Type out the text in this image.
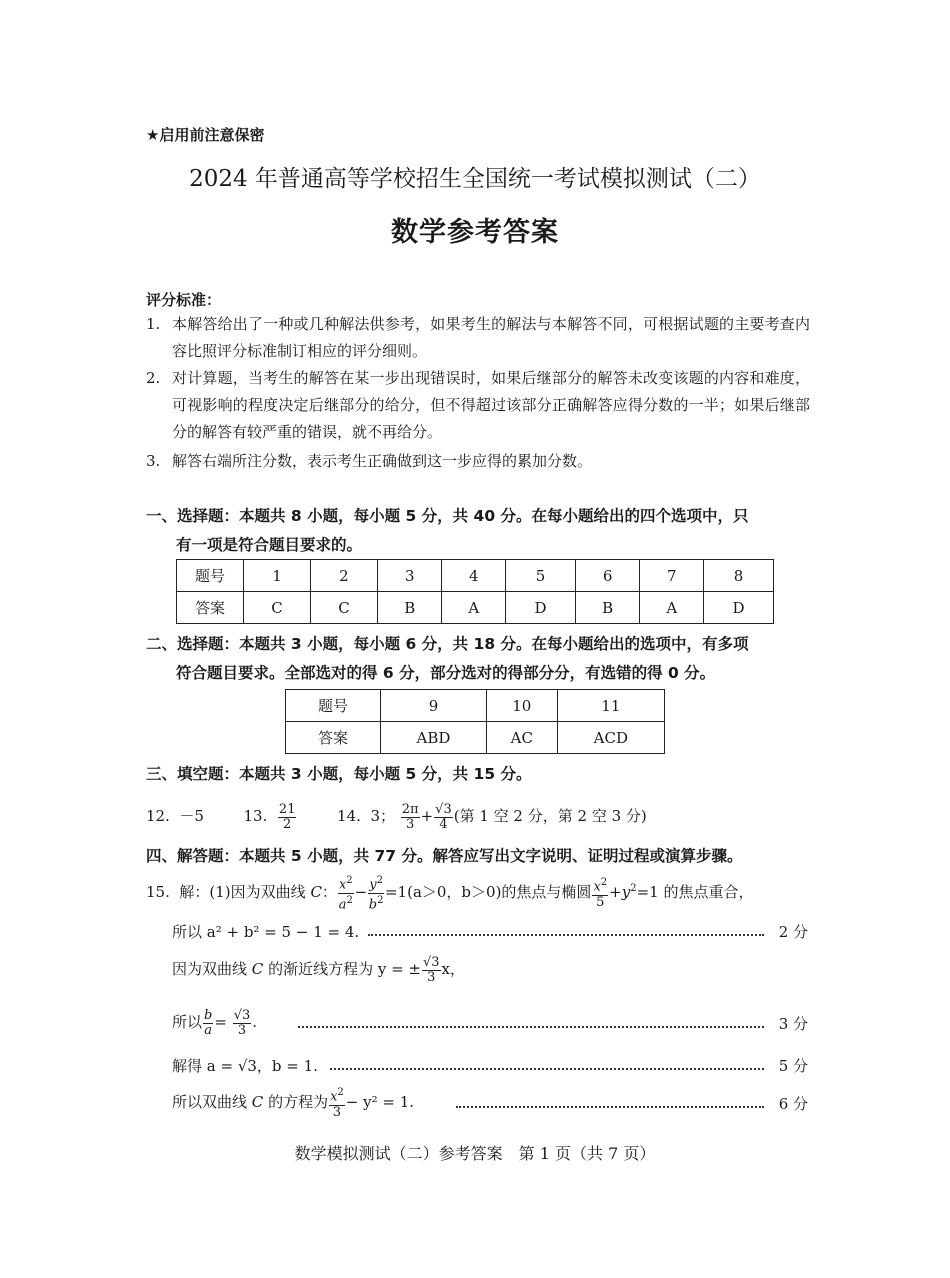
★启用前注意保密
2024 年普通高等学校招生全国统一考试模拟测试（二）
数学参考答案
评分标准：
1. 本解答给出了一种或几种解法供参考，如果考生的解法与本解答不同，可根据试题的主要考查内容比照评分标准制订相应的评分细则。
2. 对计算题，当考生的解答在某一步出现错误时，如果后继部分的解答未改变该题的内容和难度，可视影响的程度决定后继部分的给分，但不得超过该部分正确解答应得分数的一半；如果后继部分的解答有较严重的错误，就不再给分。
3. 解答右端所注分数，表示考生正确做到这一步应得的累加分数。
一、选择题：本题共 8 小题，每小题 5 分，共 40 分。在每小题给出的四个选项中，只
有一项是符合题目要求的。
题号	1	2	3	4	5	6	7	8
答案	C	C	B	A	D	B	A	D
二、选择题：本题共 3 小题，每小题 6 分，共 18 分。在每小题给出的选项中，有多项
符合题目要求。全部选对的得 6 分，部分选对的得部分分，有选错的得 0 分。
题号	9	10	11
答案	ABD	AC	ACD
三、填空题：本题共 3 小题，每小题 5 分，共 15 分。
12. －5	13. $\frac{21}{2}$	14. 3； $\frac{2\pi}{3} + \frac{√3}{4}$ (第 1 空 2 分，第 2 空 3 分)
四、解答题：本题共 5 小题，共 77 分。解答应写出文字说明、证明过程或演算步骤。
15. 解：(1)因为双曲线 C： $\frac{x^2}{a^2} - \frac{y^2}{b^2} =1(a>0$，b＞0)的焦点与椭圆 $\frac{x^2}{5} +y^2=1$ 的焦点重合，
所以 a² + b² = 5 − 1 = 4.	2 分
因为双曲线 C 的渐近线方程为 y = ± $\frac{√3}{3}$ x，
所以 $\frac{b}{a} = \frac{√3}{3}$ .	3 分
解得 a = √3，b = 1.	5 分
所以双曲线 C 的方程为 $\frac{x^2}{3} - y^2 = 1$.	6 分
数学模拟测试（二）参考答案　第 1 页（共 7 页）
